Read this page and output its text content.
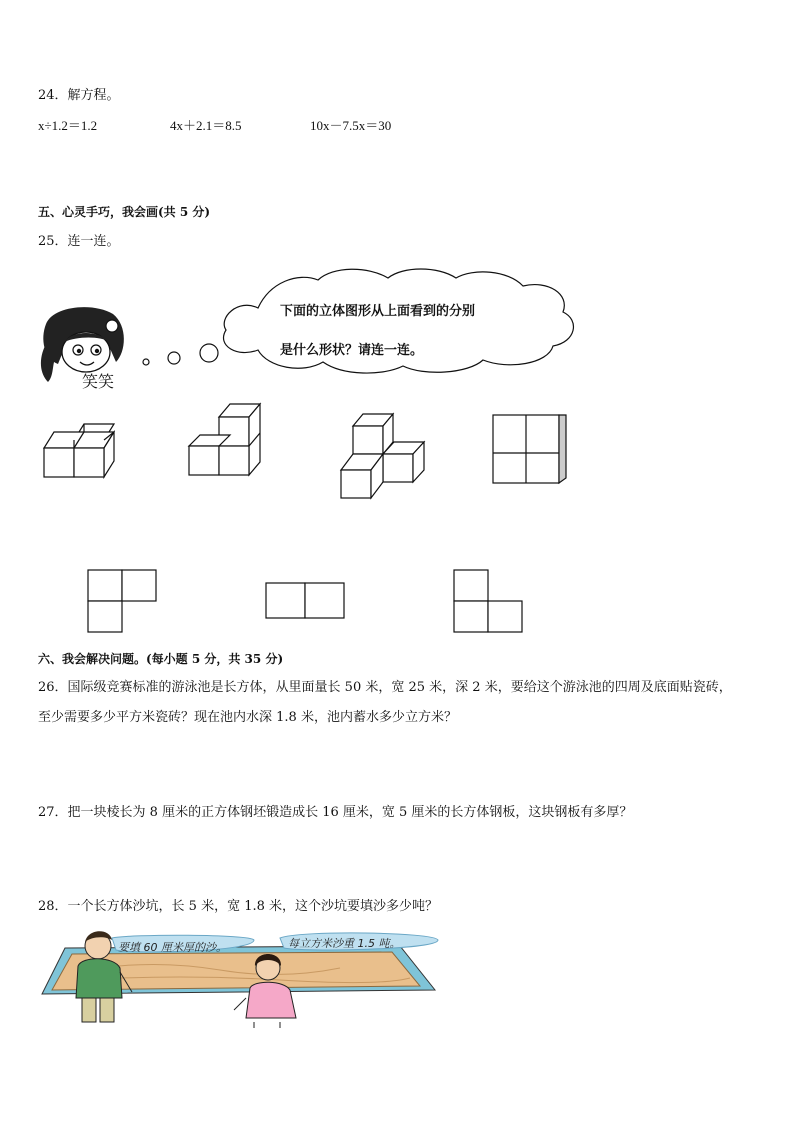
24．解方程。
x÷1.2＝1.2	4x＋2.1＝8.5	10x－7.5x＝30
五、心灵手巧，我会画(共 5 分)
25．连一连。
笑笑
下面的立体图形从上面看到的分别
是什么形状？请连一连。
六、我会解决问题。(每小题 5 分，共 35 分)
26．国际级竞赛标准的游泳池是长方体，从里面量长 50 米，宽 25 米，深 2 米，要给这个游泳池的四周及底面贴瓷砖，
至少需要多少平方米瓷砖？现在池内水深 1.8 米，池内蓄水多少立方米？
27．把一块棱长为 8 厘米的正方体钢坯锻造成长 16 厘米，宽 5 厘米的长方体钢板，这块钢板有多厚？
28．一个长方体沙坑，长 5 米，宽 1.8 米，这个沙坑要填沙多少吨？
要填 60 厘米厚的沙。	每立方米沙重 1.5 吨。
